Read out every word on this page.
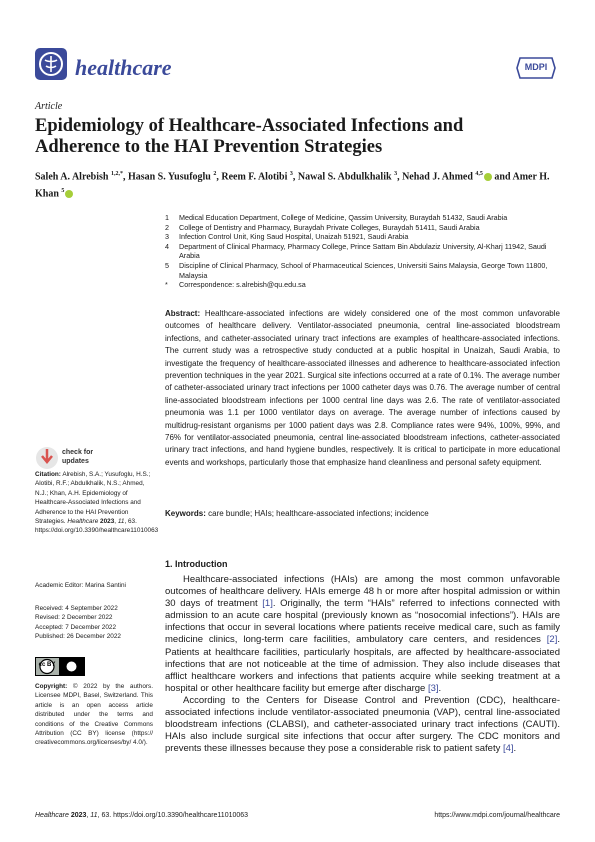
healthcare	MDPI
Article
Epidemiology of Healthcare-Associated Infections and Adherence to the HAI Prevention Strategies
Saleh A. Alrebish $^{1,2,*}$, Hasan S. Yusufoglu $^2$, Reem F. Alotibi $^3$, Nawal S. Abdulkhalik $^3$, Nehad J. Ahmed $^{4,5}$ and Amer H. Khan $^5$
1	Medical Education Department, College of Medicine, Qassim University, Buraydah 51432, Saudi Arabia
2	College of Dentistry and Pharmacy, Buraydah Private Colleges, Buraydah 51411, Saudi Arabia
3	Infection Control Unit, King Saud Hospital, Unaizah 51921, Saudi Arabia
4	Department of Clinical Pharmacy, Pharmacy College, Prince Sattam Bin Abdulaziz University, Al-Kharj 11942, Saudi Arabia
5	Discipline of Clinical Pharmacy, School of Pharmaceutical Sciences, Universiti Sains Malaysia, George Town 11800, Malaysia
*	Correspondence: s.alrebish@qu.edu.sa
Abstract: Healthcare-associated infections are widely considered one of the most common unfavorable outcomes of healthcare delivery. Ventilator-associated pneumonia, central line-associated bloodstream infections, and catheter-associated urinary tract infections are examples of healthcare-associated infections. The current study was a retrospective study conducted at a public hospital in Unaizah, Saudi Arabia, to investigate the frequency of healthcare-associated illnesses and adherence to healthcare-associated infection prevention techniques in the year 2021. Surgical site infections occurred at a rate of 0.1%. The average number of catheter-associated urinary tract infections per 1000 catheter days was 0.76. The average number of central line-associated bloodstream infections per 1000 central line days was 2.6. The rate of ventilator-associated pneumonia was 1.1 per 1000 ventilator days on average. The average number of infections caused by multidrug-resistant organisms per 1000 patient days was 2.8. Compliance rates were 94%, 100%, 99%, and 76% for ventilator-associated pneumonia, central line-associated bloodstream infections, catheter-associated urinary tract infections, and hand hygiene bundles, respectively. It is critical to participate in more educational events and workshops, particularly those that emphasize hand cleanliness and personal safety equipment.
Keywords: care bundle; HAIs; healthcare-associated infections; incidence
1. Introduction

Healthcare-associated infections (HAIs) are among the most common unfavorable outcomes of healthcare delivery. HAIs emerge 48 h or more after hospital admission or within 30 days of treatment [1]. Originally, the term “HAIs” referred to infections connected with admission to an acute care hospital (previously known as “nosocomial infections”). HAIs are infections that occur in several locations where patients receive medical care, such as family medicine clinics, long-term care facilities, ambulatory care centers, and residences [2]. Patients at healthcare facilities, particularly hospitals, are affected by healthcare-associated infections that are not noticeable at the time of admission. They also include diseases that afflict healthcare workers and infections that patients acquire while seeking treatment at a hospital or other healthcare facility but emerge after discharge [3].

According to the Centers for Disease Control and Prevention (CDC), healthcare-associated infections include ventilator-associated pneumonia (VAP), central line-associated bloodstream infections (CLABSI), and catheter-associated urinary tract infections (CAUTI). HAIs also include surgical site infections that occur after surgery. The CDC monitors and prevents these illnesses because they pose a considerable risk to patient safety [4].

check for
updates
Citation: Alrebish, S.A.; Yusufoglu, H.S.; Alotibi, R.F.; Abdulkhalik, N.S.; Ahmed, N.J.; Khan, A.H. Epidemiology of Healthcare-Associated Infections and Adherence to the HAI Prevention Strategies. Healthcare 2023, 11, 63. https://doi.org/10.3390/healthcare11010063
Academic Editor: Marina Santini
Received: 4 September 2022
Revised: 2 December 2022
Accepted: 7 December 2022
Published: 26 December 2022
cc BY
Copyright: © 2022 by the authors. Licensee MDPI, Basel, Switzerland. This article is an open access article distributed under the terms and conditions of the Creative Commons Attribution (CC BY) license (https:// creativecommons.org/licenses/by/ 4.0/).
Healthcare 2023, 11, 63. https://doi.org/10.3390/healthcare11010063	https://www.mdpi.com/journal/healthcare
